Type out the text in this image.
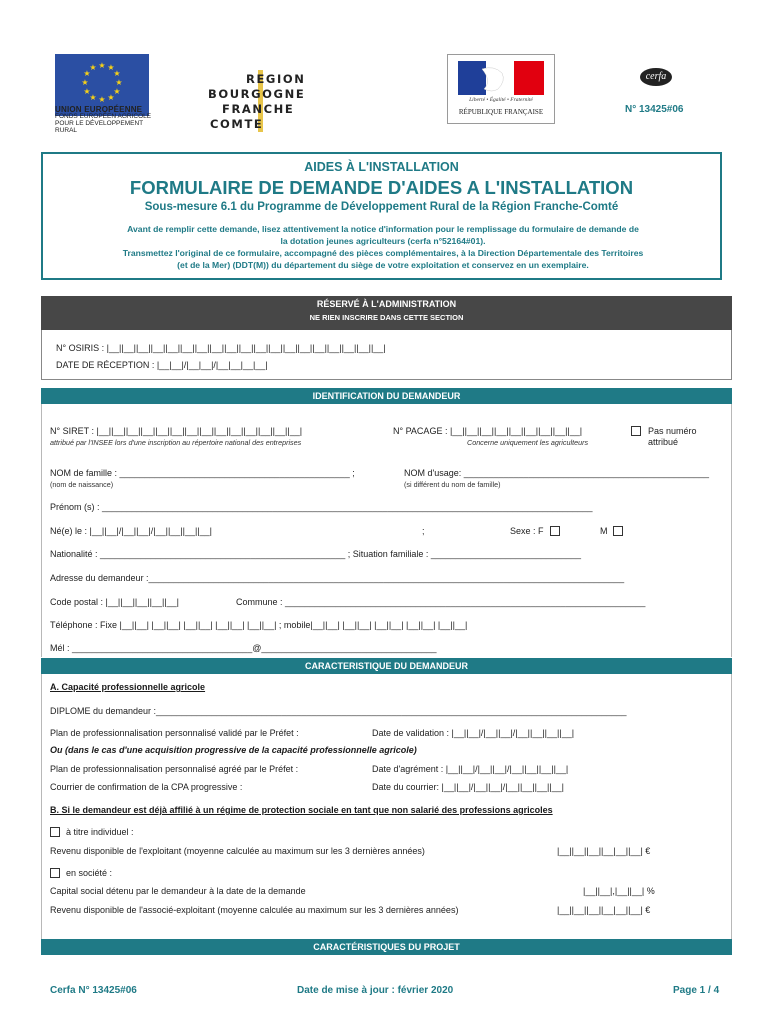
★ ★
★
★
★
★
★
★
★
★
★
★
UNION EUROPÉENNE
FONDS EUROPÉEN AGRICOLE
POUR LE DÉVELOPPEMENT RURAL
REGION
BOURGOGNE
FRANCHE
COMTE
Liberté • Égalité • Fraternité
RÉPUBLIQUE FRANÇAISE
cerfa
N° 13425#06
AIDES À L'INSTALLATION
FORMULAIRE DE DEMANDE D'AIDES A L'INSTALLATION
Sous-mesure 6.1 du Programme de Développement Rural de la Région Franche-Comté
Avant de remplir cette demande, lisez attentivement la notice d'information pour le remplissage du formulaire de demande de
la dotation jeunes agriculteurs (cerfa n°52164#01).
Transmettez l'original de ce formulaire, accompagné des pièces complémentaires, à la Direction Départementale des Territoires
(et de la Mer) (DDT(M)) du département du siège de votre exploitation et conservez en un exemplaire.
RÉSERVÉ À L'ADMINISTRATION
NE RIEN INSCRIRE DANS CETTE SECTION
N° OSIRIS : |__||__||__||__||__||__||__||__||__||__||__||__||__||__||__||__||__||__||__|
DATE DE RÉCEPTION : |__|__|/|__|__|/|__|__|__|__|
IDENTIFICATION DU DEMANDEUR
N° SIRET : |__||__||__||__||__||__||__||__||__||__||__||__||__||__|
attribué par l'INSEE lors d'une inscription au répertoire national des entreprises
N° PACAGE : |__||__||__||__||__||__||__||__||__|
Concerne uniquement les agriculteurs
Pas numéro
attribué
NOM de famille : ______________________________________________ ;
(nom de naissance)
NOM d'usage: _________________________________________________
(si différent du nom de famille)
Prénom (s) : __________________________________________________________________________________________________
Né(e) le : |__||__|/|__||__|/|__||__||__||__|	;	Sexe : F	M
Nationalité : _________________________________________________ ; Situation familiale : ______________________________
Adresse du demandeur :_______________________________________________________________________________________________
Code postal : |__||__||__||__||__|	Commune : ________________________________________________________________________
Téléphone : Fixe |__||__| |__||__| |__||__| |__||__| |__||__| ; mobile|__||__| |__||__| |__||__| |__||__| |__||__|
Mél : ____________________________________@___________________________________
CARACTERISTIQUE DU DEMANDEUR
A. Capacité professionnelle agricole
DIPLOME du demandeur :______________________________________________________________________________________________
Plan de professionnalisation personnalisé validé par le Préfet :	Date de validation : |__||__|/|__||__|/|__||__||__||__|
Ou (dans le cas d'une acquisition progressive de la capacité professionnelle agricole)
Plan de professionnalisation personnalisé agréé par le Préfet :	Date d'agrément : |__||__|/|__||__|/|__||__||__||__|
Courrier de confirmation de la CPA progressive :	Date du courrier: |__||__|/|__||__|/|__||__||__||__|
B. Si le demandeur est déjà affilié à un régime de protection sociale en tant que non salarié des professions agricoles
à titre individuel :
Revenu disponible de l'exploitant (moyenne calculée au maximum sur les 3 dernières années)	|__||__||__||__|__||__| €
en société :
Capital social détenu par le demandeur à la date de la demande	|__||__|,|__||__| %
Revenu disponible de l'associé-exploitant (moyenne calculée au maximum sur les 3 dernières années)	|__||__||__||__|__||__| €
CARACTÉRISTIQUES DU PROJET
Cerfa N° 13425#06	Date de mise à jour : février 2020	Page 1 / 4
